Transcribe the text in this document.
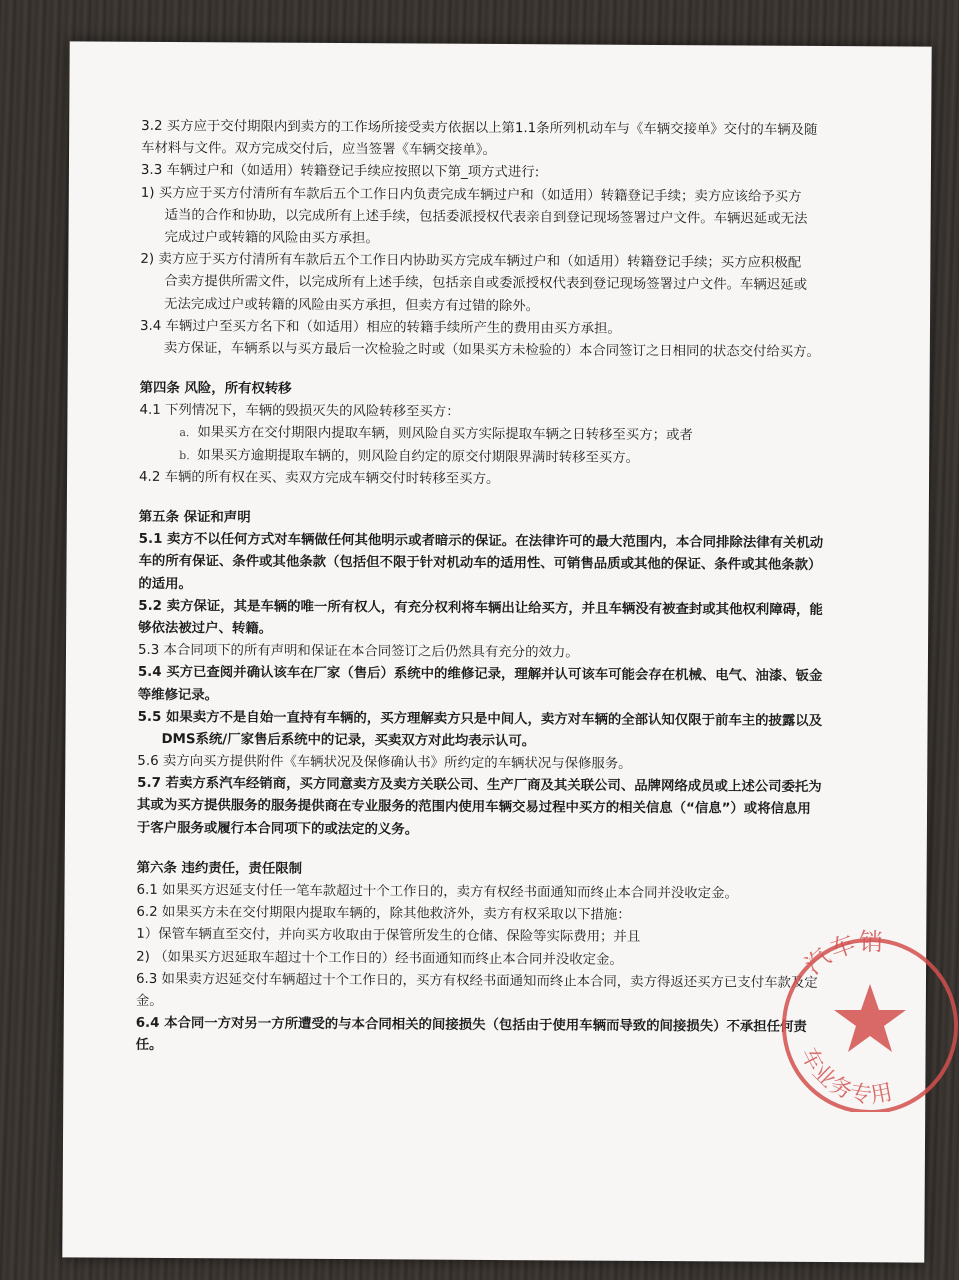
3.2 买方应于交付期限内到卖方的工作场所接受卖方依据以上第1.1条所列机动车与《车辆交接单》交付的车辆及随
车材料与文件。双方完成交付后，应当签署《车辆交接单》。
3.3 车辆过户和（如适用）转籍登记手续应按照以下第_项方式进行:
1) 买方应于买方付清所有车款后五个工作日内负责完成车辆过户和（如适用）转籍登记手续；卖方应该给予买方
适当的合作和协助，以完成所有上述手续，包括委派授权代表亲自到登记现场签署过户文件。车辆迟延或无法
完成过户或转籍的风险由买方承担。
2) 卖方应于买方付清所有车款后五个工作日内协助买方完成车辆过户和（如适用）转籍登记手续；买方应积极配
合卖方提供所需文件，以完成所有上述手续，包括亲自或委派授权代表到登记现场签署过户文件。车辆迟延或
无法完成过户或转籍的风险由买方承担，但卖方有过错的除外。
3.4 车辆过户至买方名下和（如适用）相应的转籍手续所产生的费用由买方承担。
卖方保证，车辆系以与买方最后一次检验之时或（如果买方未检验的）本合同签订之日相同的状态交付给买方。
第四条 风险，所有权转移
4.1 下列情况下，车辆的毁损灭失的风险转移至买方：
a. 如果买方在交付期限内提取车辆，则风险自买方实际提取车辆之日转移至买方；或者
b. 如果买方逾期提取车辆的，则风险自约定的原交付期限界满时转移至买方。
4.2 车辆的所有权在买、卖双方完成车辆交付时转移至买方。
第五条 保证和声明
5.1 卖方不以任何方式对车辆做任何其他明示或者暗示的保证。在法律许可的最大范围内，本合同排除法律有关机动
车的所有保证、条件或其他条款（包括但不限于针对机动车的适用性、可销售品质或其他的保证、条件或其他条款）
的适用。
5.2 卖方保证，其是车辆的唯一所有权人，有充分权利将车辆出让给买方，并且车辆没有被查封或其他权利障碍，能
够依法被过户、转籍。
5.3 本合同项下的所有声明和保证在本合同签订之后仍然具有充分的效力。
5.4 买方已查阅并确认该车在厂家（售后）系统中的维修记录，理解并认可该车可能会存在机械、电气、油漆、钣金
等维修记录。
5.5 如果卖方不是自始一直持有车辆的，买方理解卖方只是中间人，卖方对车辆的全部认知仅限于前车主的披露以及
DMS系统/厂家售后系统中的记录，买卖双方对此均表示认可。
5.6 卖方向买方提供附件《车辆状况及保修确认书》所约定的车辆状况与保修服务。
5.7 若卖方系汽车经销商，买方同意卖方及卖方关联公司、生产厂商及其关联公司、品牌网络成员或上述公司委托为
其或为买方提供服务的服务提供商在专业服务的范围内使用车辆交易过程中买方的相关信息（“信息”）或将信息用
于客户服务或履行本合同项下的或法定的义务。
第六条 违约责任，责任限制
6.1 如果买方迟延支付任一笔车款超过十个工作日的，卖方有权经书面通知而终止本合同并没收定金。
6.2 如果买方未在交付期限内提取车辆的，除其他救济外，卖方有权采取以下措施：
1）保管车辆直至交付，并向买方收取由于保管所发生的仓储、保险等实际费用；并且
2) （如果买方迟延取车超过十个工作日的）经书面通知而终止本合同并没收定金。
6.3 如果卖方迟延交付车辆超过十个工作日的，买方有权经书面通知而终止本合同，卖方得返还买方已支付车款及定
金。
6.4 本合同一方对另一方所遭受的与本合同相关的间接损失（包括由于使用车辆而导致的间接损失）不承担任何责
任。
汽车销
车业务专用
